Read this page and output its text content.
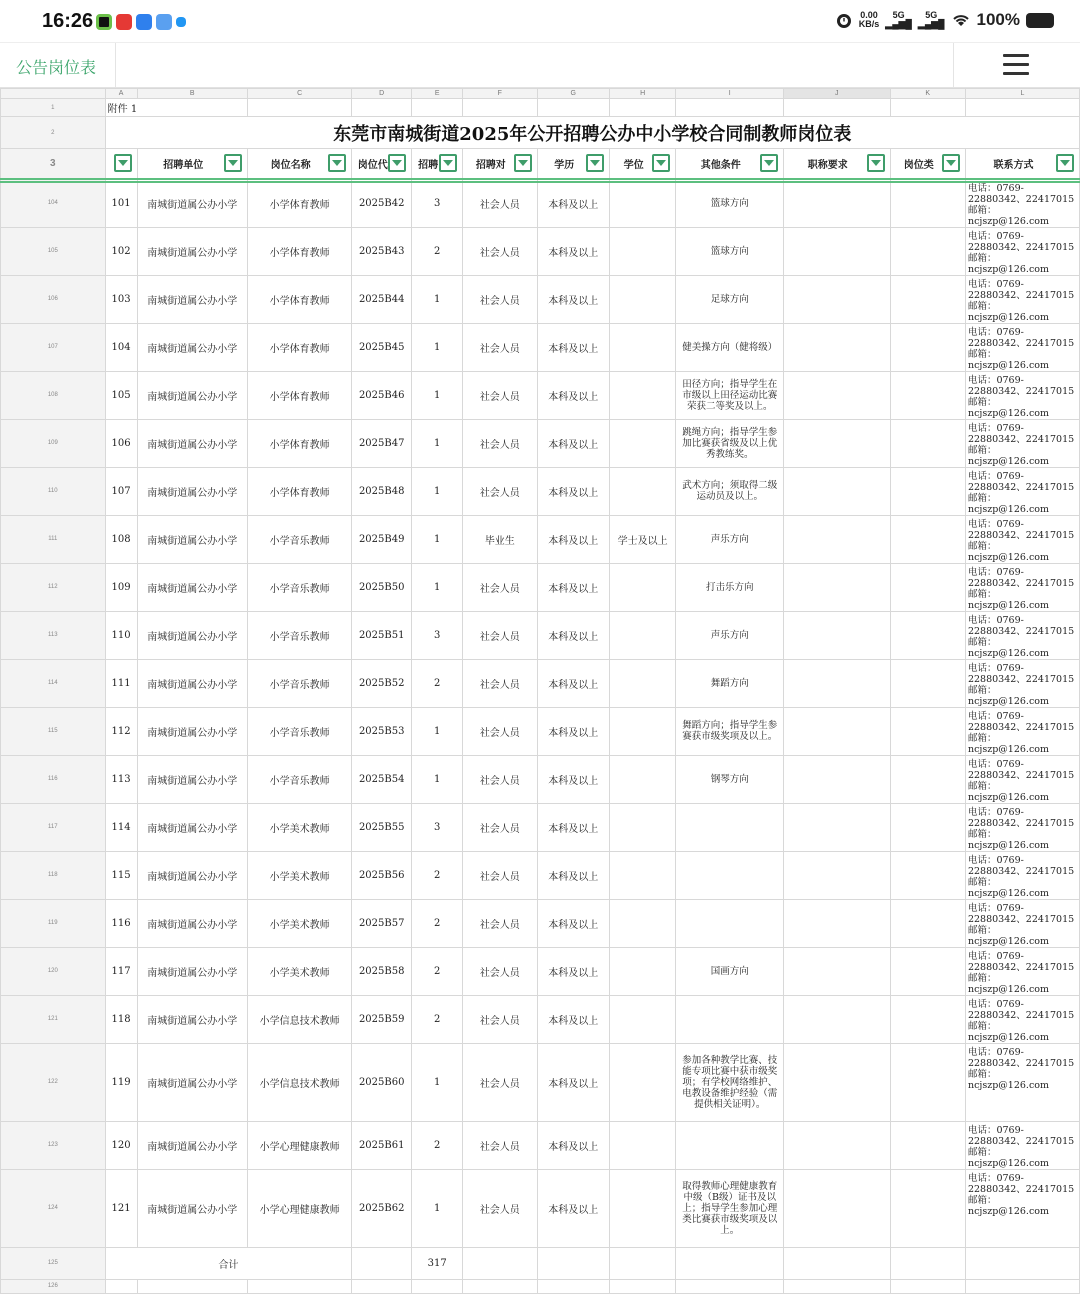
16:26	0.00
KB/s
5G
▂▄▆█
5G
▂▄▆█ 100%
公告岗位表
	A	B	C	D	E	F	G	H	I	J	K	L
1	附件 1											
2	东莞市南城街道2025年公开招聘公办中小学校合同制教师岗位表											
3		招聘单位	岗位名称	岗位代	招聘	招聘对	学历	学位	其他条件	职称要求	岗位类	联系方式

104	101	南城街道属公办小学	小学体育教师	2025B42	3	社会人员	本科及以上		篮球方向			电话：0769-22880342、22417015
邮箱：ncjszp@126.com
105	102	南城街道属公办小学	小学体育教师	2025B43	2	社会人员	本科及以上		篮球方向			电话：0769-22880342、22417015
邮箱：ncjszp@126.com
106	103	南城街道属公办小学	小学体育教师	2025B44	1	社会人员	本科及以上		足球方向			电话：0769-22880342、22417015
邮箱：ncjszp@126.com
107	104	南城街道属公办小学	小学体育教师	2025B45	1	社会人员	本科及以上		健美操方向（健将级）			电话：0769-22880342、22417015
邮箱：ncjszp@126.com
108	105	南城街道属公办小学	小学体育教师	2025B46	1	社会人员	本科及以上		田径方向；指导学生在市级以上田径运动比赛荣获二等奖及以上。			电话：0769-22880342、22417015
邮箱：ncjszp@126.com
109	106	南城街道属公办小学	小学体育教师	2025B47	1	社会人员	本科及以上		跳绳方向；指导学生参加比赛获省级及以上优秀教练奖。			电话：0769-22880342、22417015
邮箱：ncjszp@126.com
110	107	南城街道属公办小学	小学体育教师	2025B48	1	社会人员	本科及以上		武术方向；须取得二级运动员及以上。			电话：0769-22880342、22417015
邮箱：ncjszp@126.com
111	108	南城街道属公办小学	小学音乐教师	2025B49	1	毕业生	本科及以上	学士及以上	声乐方向			电话：0769-22880342、22417015
邮箱：ncjszp@126.com
112	109	南城街道属公办小学	小学音乐教师	2025B50	1	社会人员	本科及以上		打击乐方向			电话：0769-22880342、22417015
邮箱：ncjszp@126.com
113	110	南城街道属公办小学	小学音乐教师	2025B51	3	社会人员	本科及以上		声乐方向			电话：0769-22880342、22417015
邮箱：ncjszp@126.com
114	111	南城街道属公办小学	小学音乐教师	2025B52	2	社会人员	本科及以上		舞蹈方向			电话：0769-22880342、22417015
邮箱：ncjszp@126.com
115	112	南城街道属公办小学	小学音乐教师	2025B53	1	社会人员	本科及以上		舞蹈方向；指导学生参赛获市级奖项及以上。			电话：0769-22880342、22417015
邮箱：ncjszp@126.com
116	113	南城街道属公办小学	小学音乐教师	2025B54	1	社会人员	本科及以上		钢琴方向			电话：0769-22880342、22417015
邮箱：ncjszp@126.com
117	114	南城街道属公办小学	小学美术教师	2025B55	3	社会人员	本科及以上					电话：0769-22880342、22417015
邮箱：ncjszp@126.com
118	115	南城街道属公办小学	小学美术教师	2025B56	2	社会人员	本科及以上					电话：0769-22880342、22417015
邮箱：ncjszp@126.com
119	116	南城街道属公办小学	小学美术教师	2025B57	2	社会人员	本科及以上					电话：0769-22880342、22417015
邮箱：ncjszp@126.com
120	117	南城街道属公办小学	小学美术教师	2025B58	2	社会人员	本科及以上		国画方向			电话：0769-22880342、22417015
邮箱：ncjszp@126.com
121	118	南城街道属公办小学	小学信息技术教师	2025B59	2	社会人员	本科及以上					电话：0769-22880342、22417015
邮箱：ncjszp@126.com
122	119	南城街道属公办小学	小学信息技术教师	2025B60	1	社会人员	本科及以上		参加各种教学比赛、技能专项比赛中获市级奖项；有学校网络维护、电教设备维护经验（需提供相关证明）。			电话：0769-22880342、22417015
邮箱：ncjszp@126.com
123	120	南城街道属公办小学	小学心理健康教师	2025B61	2	社会人员	本科及以上					电话：0769-22880342、22417015
邮箱：ncjszp@126.com
124	121	南城街道属公办小学	小学心理健康教师	2025B62	1	社会人员	本科及以上		取得教师心理健康教育中级（B级）证书及以上；指导学生参加心理类比赛获市级奖项及以上。			电话：0769-22880342、22417015
邮箱：ncjszp@126.com
125	合计				317							
126												
